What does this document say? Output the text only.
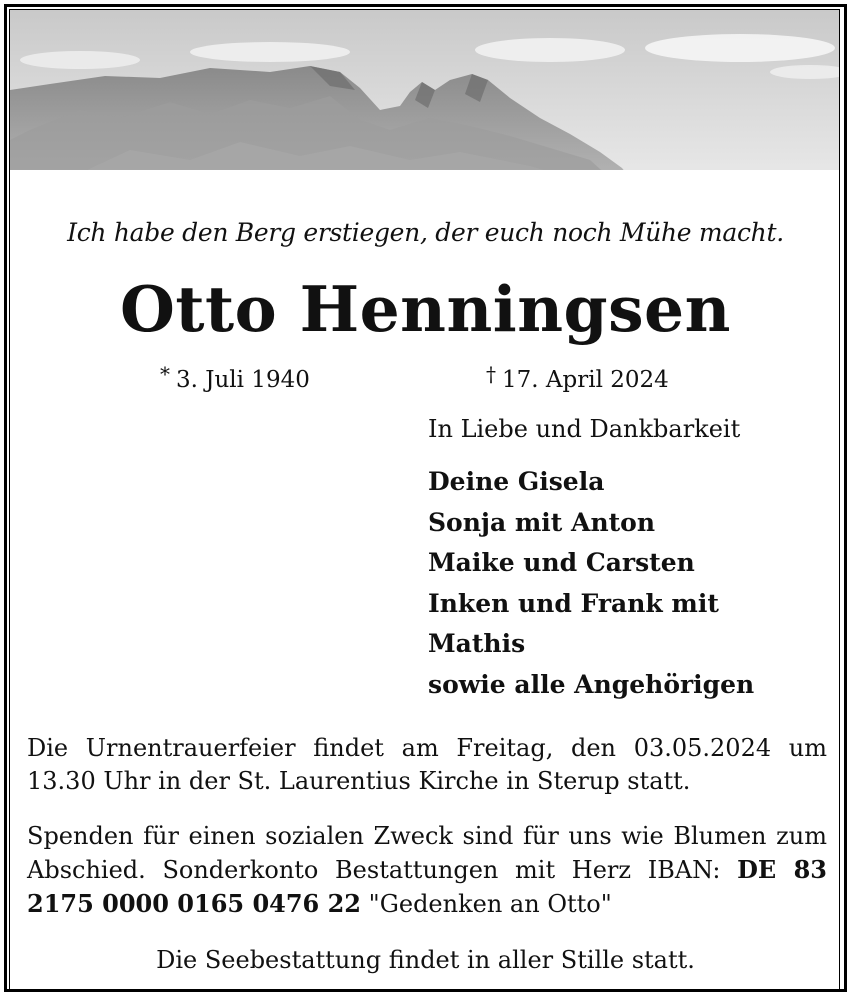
Ich habe den Berg erstiegen, der euch noch Mühe macht.
Otto Henningsen
* 3. Juli 1940	† 17. April 2024
In Liebe und Dankbarkeit
Deine Gisela
Sonja mit Anton
Maike und Carsten
Inken und Frank mit
Mathis
sowie alle Angehörigen
Die Urnentrauerfeier findet am Freitag, den 03.05.2024 um 13.30 Uhr in der St. Laurentius Kirche in Sterup statt.
Spenden für einen sozialen Zweck sind für uns wie Blumen zum Abschied. Sonderkonto Bestattungen mit Herz IBAN: DE 83 2175 0000 0165 0476 22 "Gedenken an Otto"
Die Seebestattung findet in aller Stille statt.
